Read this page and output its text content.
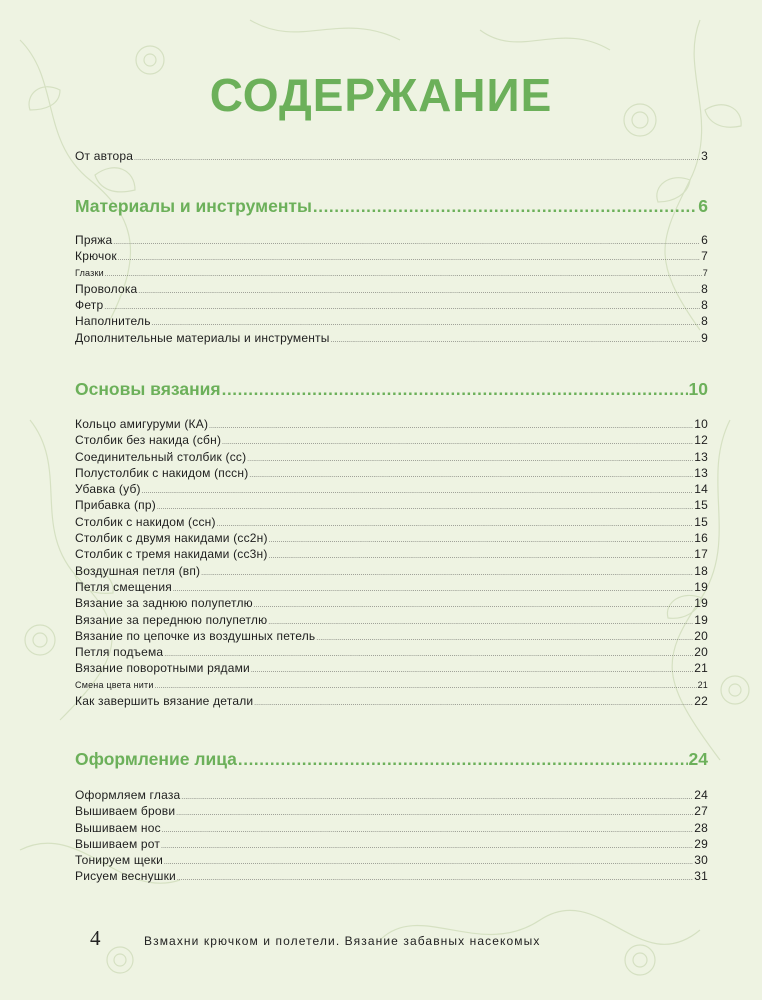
СОДЕРЖАНИЕ
От автора .....	3
Материалы и инструменты .....	6
Пряжа .....	6
Крючок .....	7
Глазки .....	7
Проволока .....	8
Фетр .....	8
Наполнитель .....	8
Дополнительные материалы и инструменты .....	9
Основы вязания .....	10
Кольцо амигуруми (КА) .....	10
Столбик без накида (сбн) .....	12
Соединительный столбик (сс) .....	13
Полустолбик с накидом (пссн) .....	13
Убавка (уб) .....	14
Прибавка (пр) .....	15
Столбик с накидом (ссн) .....	15
Столбик с двумя накидами (сс2н) .....	16
Столбик с тремя накидами (сс3н) .....	17
Воздушная петля (вп) .....	18
Петля смещения .....	19
Вязание за заднюю полупетлю .....	19
Вязание за переднюю полупетлю .....	19
Вязание по цепочке из воздушных петель .....	20
Петля подъема .....	20
Вязание поворотными рядами .....	21
Смена цвета нити .....	21
Как завершить вязание детали .....	22
Оформление лица .....	24
Оформляем глаза .....	24
Вышиваем брови .....	27
Вышиваем нос .....	28
Вышиваем рот .....	29
Тонируем щеки .....	30
Рисуем веснушки .....	31
4	Взмахни крючком и полетели. Вязание забавных насекомых
